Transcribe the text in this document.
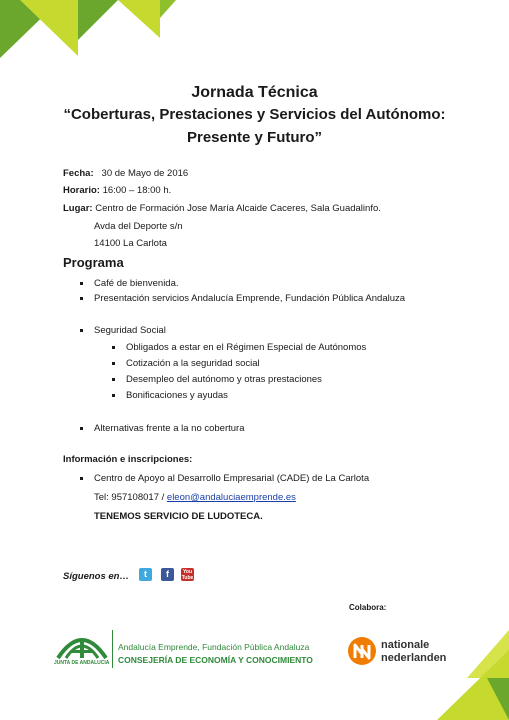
Jornada Técnica
“Coberturas, Prestaciones y Servicios del Autónomo:
Presente y Futuro”
Fecha: 30 de Mayo de 2016
Horario: 16:00 – 18:00 h.
Lugar: Centro de Formación Jose María Alcaide Caceres, Sala Guadalinfo.
Avda del Deporte s/n
14100 La Carlota
Programa
Café de bienvenida.
Presentación servicios Andalucía Emprende, Fundación Pública Andaluza
Seguridad Social
Obligados a estar en el Régimen Especial de Autónomos
Cotización a la seguridad social
Desempleo del autónomo y otras prestaciones
Bonificaciones y ayudas
Alternativas frente a la no cobertura
Información e inscripciones:
Centro de Apoyo al Desarrollo Empresarial (CADE) de La Carlota
Tel: 957108017 / eleon@andaluciaemprende.es
TENEMOS SERVICIO DE LUDOTECA.
Síguenos en…	t	f	You Tube
Colabora:
JUNTA DE ANDALUCIA
Andalucía Emprende, Fundación Pública Andaluza
CONSEJERÍA DE ECONOMÍA Y CONOCIMIENTO
nationale
nederlanden
